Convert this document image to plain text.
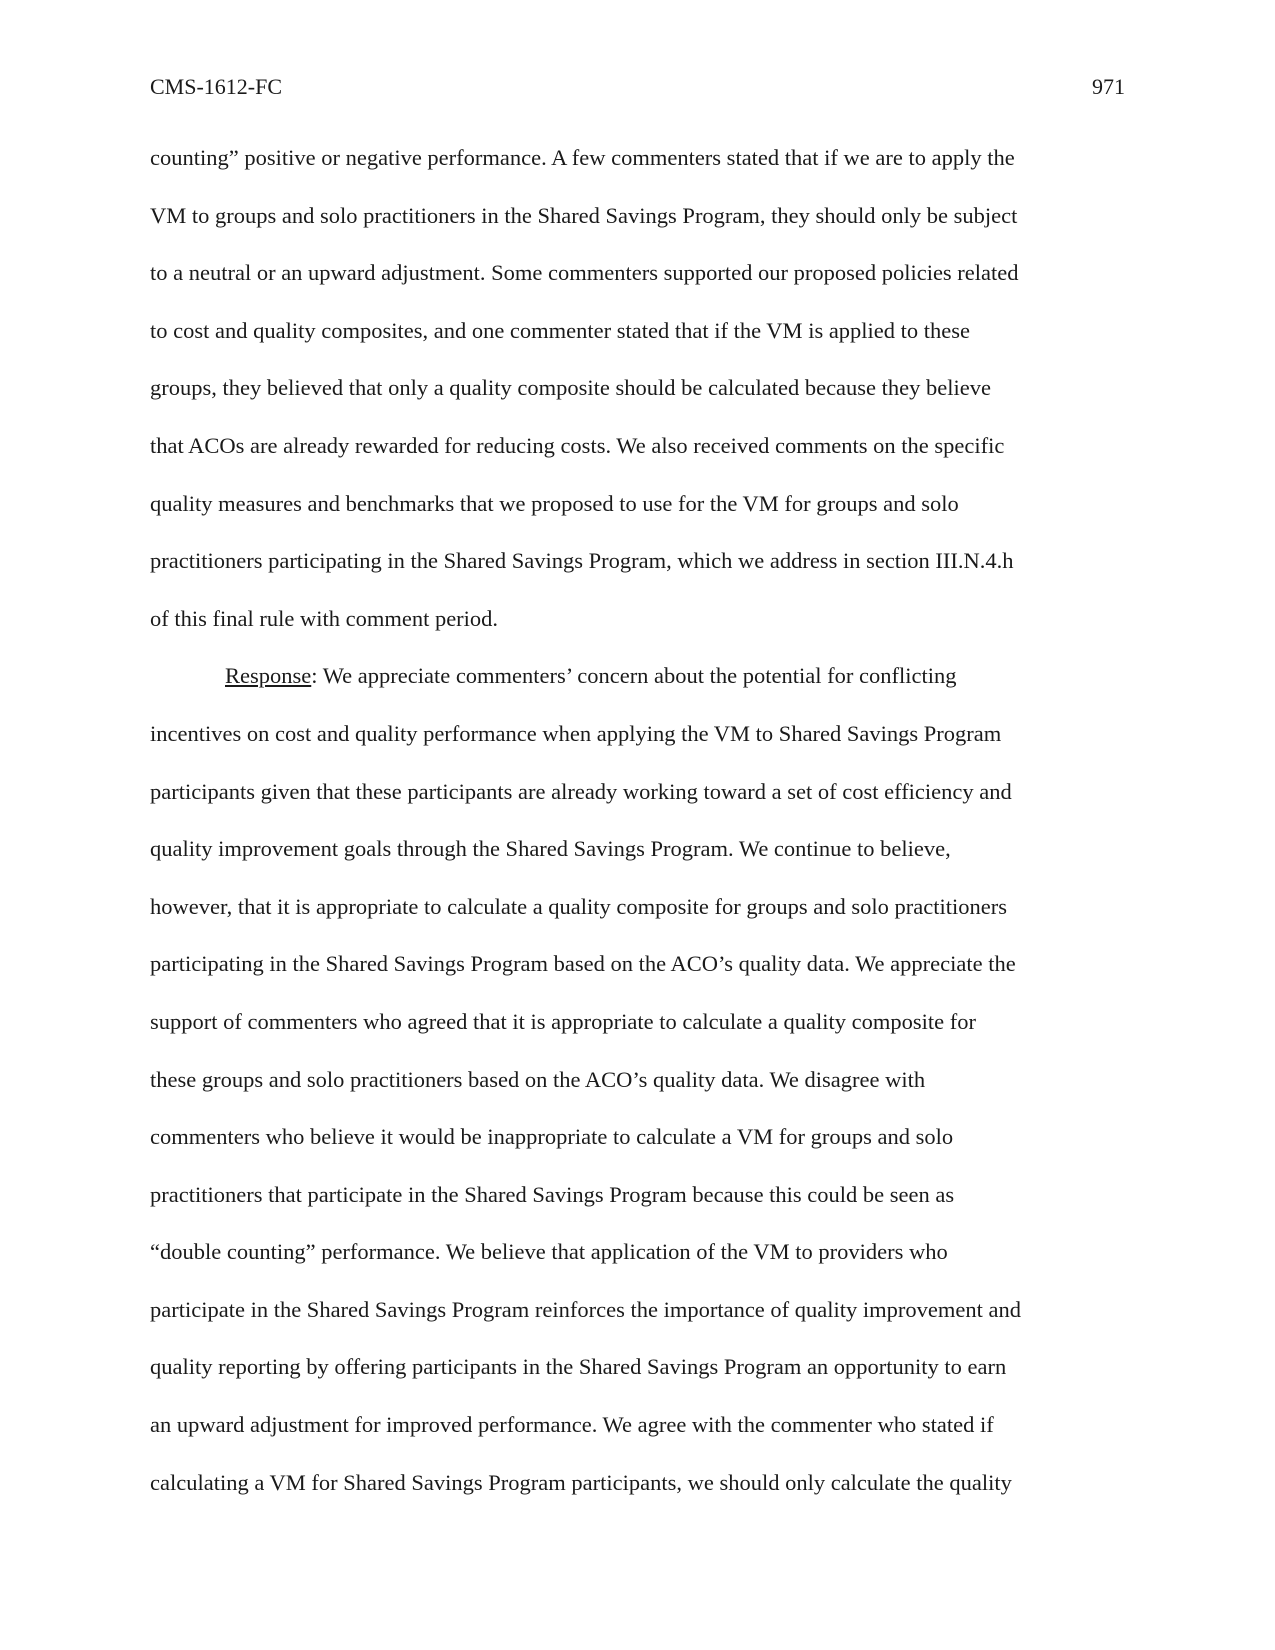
CMS-1612-FC	971
counting” positive or negative performance. A few commenters stated that if we are to apply the
VM to groups and solo practitioners in the Shared Savings Program, they should only be subject
to a neutral or an upward adjustment. Some commenters supported our proposed policies related
to cost and quality composites, and one commenter stated that if the VM is applied to these
groups, they believed that only a quality composite should be calculated because they believe
that ACOs are already rewarded for reducing costs. We also received comments on the specific
quality measures and benchmarks that we proposed to use for the VM for groups and solo
practitioners participating in the Shared Savings Program, which we address in section III.N.4.h
of this final rule with comment period.
Response: We appreciate commenters’ concern about the potential for conflicting
incentives on cost and quality performance when applying the VM to Shared Savings Program
participants given that these participants are already working toward a set of cost efficiency and
quality improvement goals through the Shared Savings Program. We continue to believe,
however, that it is appropriate to calculate a quality composite for groups and solo practitioners
participating in the Shared Savings Program based on the ACO’s quality data. We appreciate the
support of commenters who agreed that it is appropriate to calculate a quality composite for
these groups and solo practitioners based on the ACO’s quality data. We disagree with
commenters who believe it would be inappropriate to calculate a VM for groups and solo
practitioners that participate in the Shared Savings Program because this could be seen as
“double counting” performance. We believe that application of the VM to providers who
participate in the Shared Savings Program reinforces the importance of quality improvement and
quality reporting by offering participants in the Shared Savings Program an opportunity to earn
an upward adjustment for improved performance. We agree with the commenter who stated if
calculating a VM for Shared Savings Program participants, we should only calculate the quality
